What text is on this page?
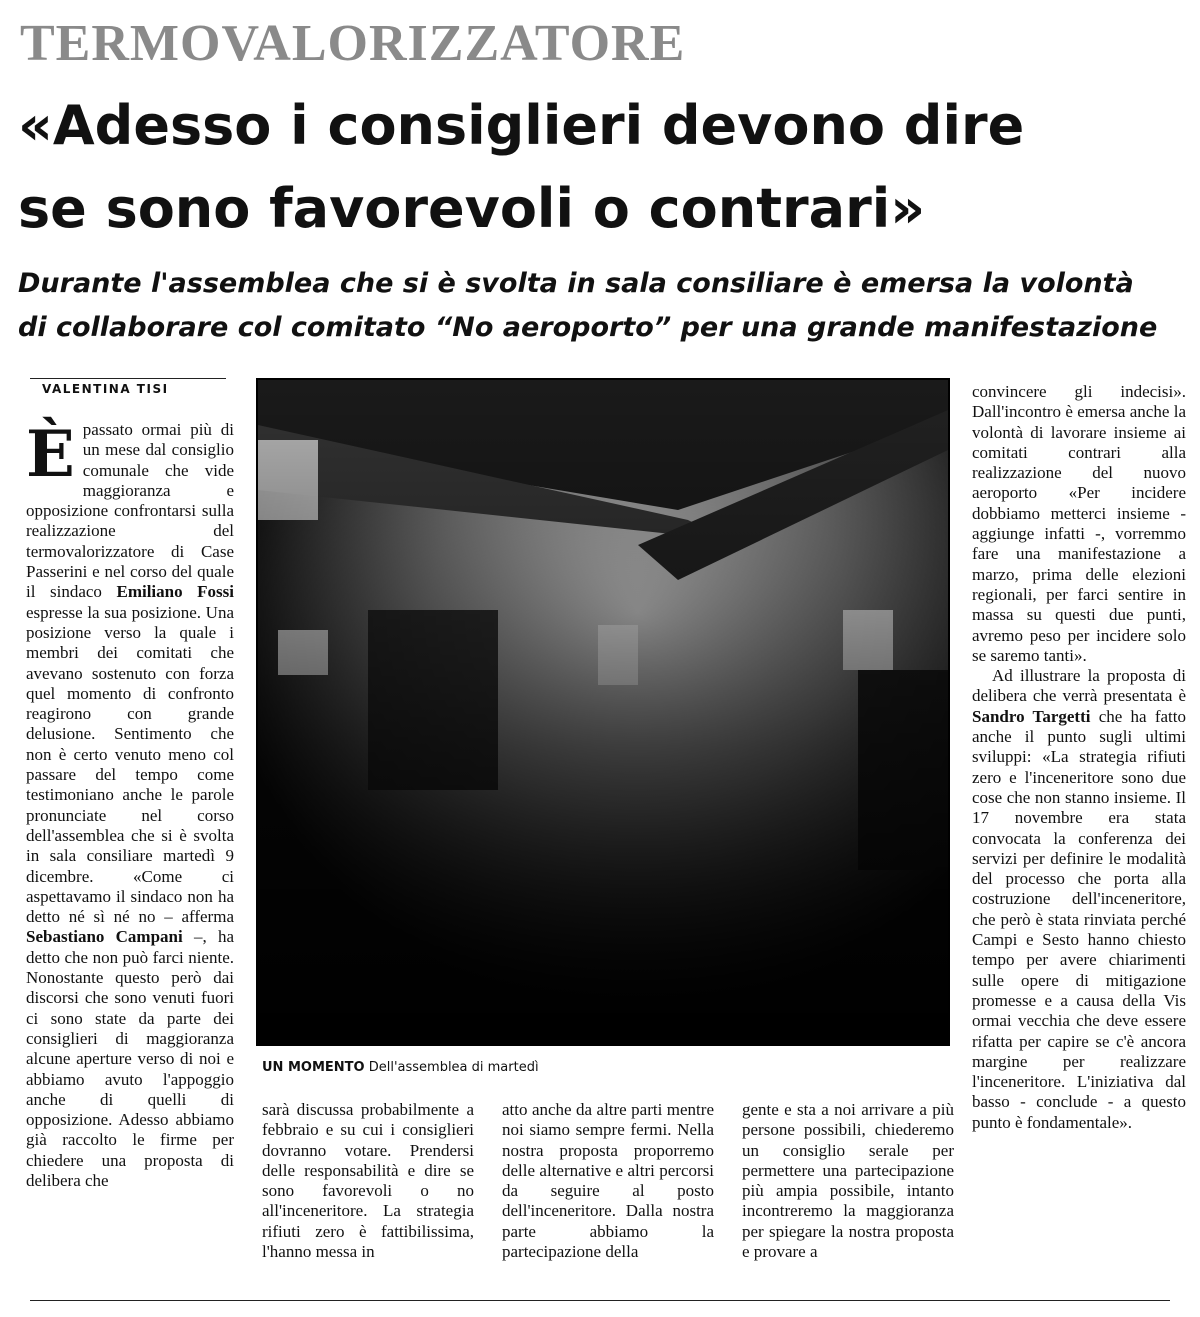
TERMOVALORIZZATORE
«Adesso i consiglieri devono dire
se sono favorevoli o contrari»
Durante l'assemblea che si è svolta in sala consiliare è emersa la volontà
di collaborare col comitato “No aeroporto” per una grande manifestazione
VALENTINA TISI

Èpassato ormai più di un mese dal consiglio comunale che vide maggioranza e opposizione confrontarsi sulla realizzazione del termovalorizzatore di Case Passerini e nel corso del quale il sindaco Emiliano Fossi espresse la sua posizione. Una posizione verso la quale i membri dei comitati che avevano sostenuto con forza quel momento di confronto reagirono con grande delusione. Sentimento che non è certo venuto meno col passare del tempo come testimoniano anche le parole pronunciate nel corso dell'assemblea che si è svolta in sala consiliare martedì 9 dicembre. «Come ci aspettavamo il sindaco non ha detto né sì né no – afferma Sebastiano Campani –, ha detto che non può farci niente. Nonostante questo però dai discorsi che sono venuti fuori ci sono state da parte dei consiglieri di maggioranza alcune aperture verso di noi e abbiamo avuto l'appoggio anche di quelli di opposizione. Adesso abbiamo già raccolto le firme per chiedere una proposta di delibera che

UN MOMENTO Dell'assemblea di martedì

sarà discussa probabilmente a febbraio e su cui i consiglieri dovranno votare. Prendersi delle responsabilità e dire se sono favorevoli o no all'inceneritore. La strategia rifiuti zero è fattibilissima, l'hanno messa in

atto anche da altre parti mentre noi siamo sempre fermi. Nella nostra proposta proporremo delle alternative e altri percorsi da seguire al posto dell'inceneritore. Dalla nostra parte abbiamo la partecipazione della

gente e sta a noi arrivare a più persone possibili, chiederemo un consiglio serale per permettere una partecipazione più ampia possibile, intanto incontreremo la maggioranza per spiegare la nostra proposta e provare a

convincere gli indecisi». Dall'incontro è emersa anche la volontà di lavorare insieme ai comitati contrari alla realizzazione del nuovo aeroporto «Per incidere dobbiamo metterci insieme - aggiunge infatti -, vorremmo fare una manifestazione a marzo, prima delle elezioni regionali, per farci sentire in massa su questi due punti, avremo peso per incidere solo se saremo tanti».

Ad illustrare la proposta di delibera che verrà presentata è Sandro Targetti che ha fatto anche il punto sugli ultimi sviluppi: «La strategia rifiuti zero e l'inceneritore sono due cose che non stanno insieme. Il 17 novembre era stata convocata la conferenza dei servizi per definire le modalità del processo che porta alla costruzione dell'inceneritore, che però è stata rinviata perché Campi e Sesto hanno chiesto tempo per avere chiarimenti sulle opere di mitigazione promesse e a causa della Vis ormai vecchia che deve essere rifatta per capire se c'è ancora margine per realizzare l'inceneritore. L'iniziativa dal basso - conclude - a questo punto è fondamentale».
